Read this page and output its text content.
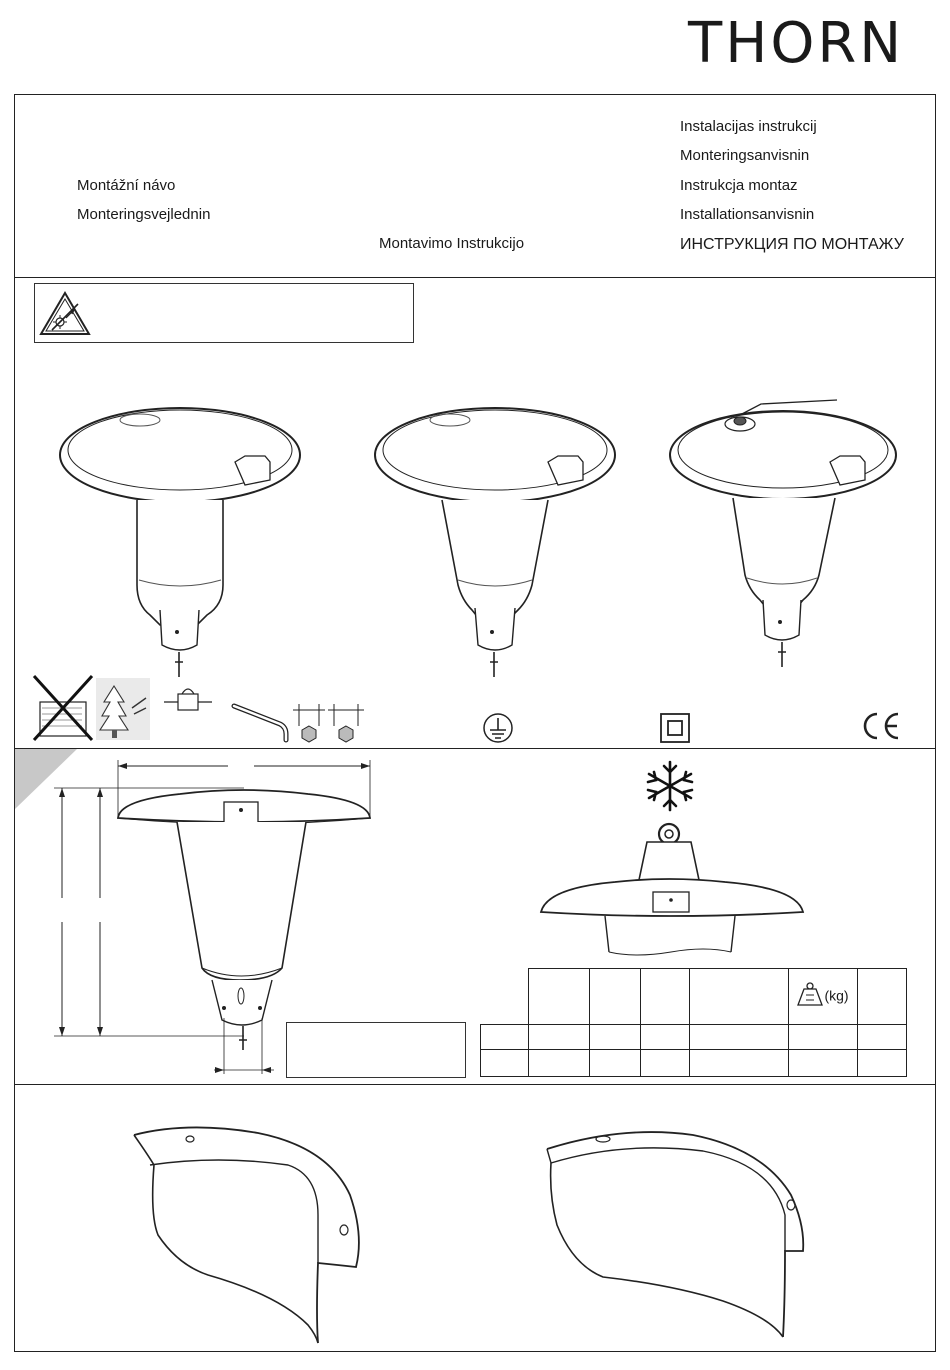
THORN
Montážní návo
Monteringsvejlednin
Montavimo Instrukcijo
Instalacijas instrukcij
Monteringsanvisnin
Instrukcja montaz
Installationsanvisnin
ИНСТРУКЦИЯ ПО МОНТАЖУ
					(kg)	
